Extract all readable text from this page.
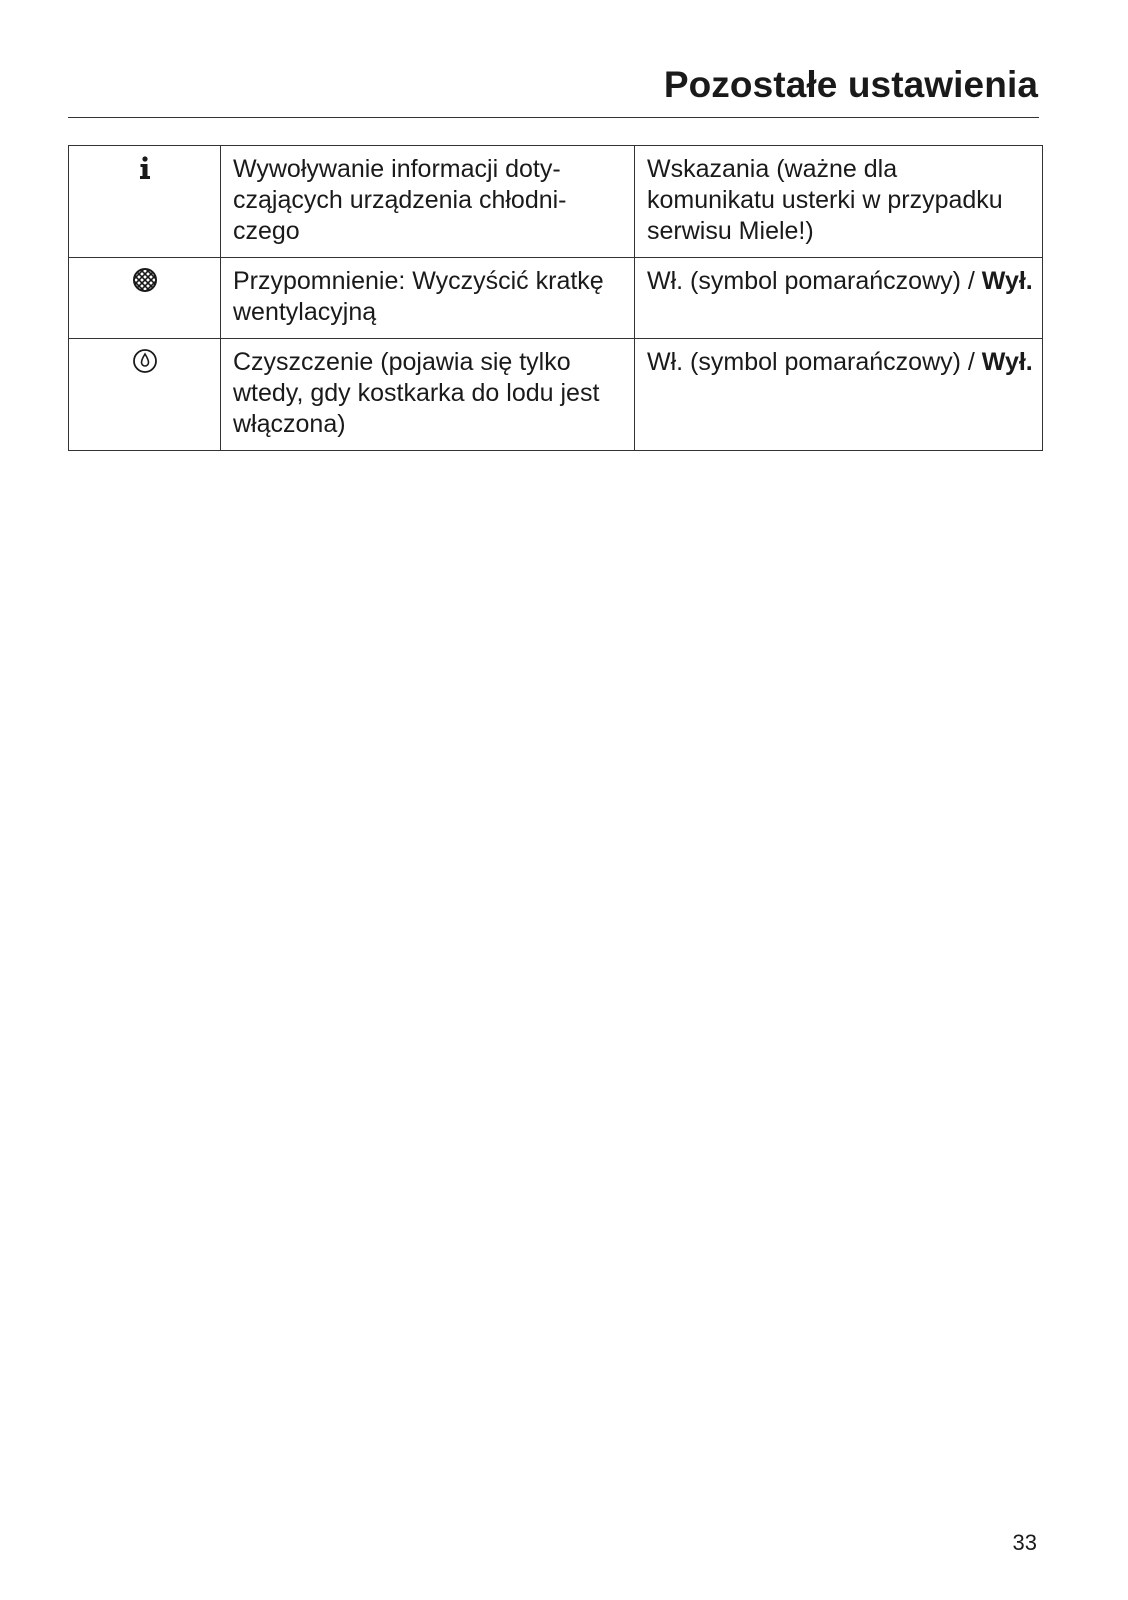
Pozostałe ustawienia
	Wywoływanie informacji doty-
cząjących urządzenia chłodni-
czego	Wskazania (ważne dla komunikatu usterki w przypadku serwisu Miele!)

	Przypomnienie: Wyczyścić kratkę wentylacyjną	Wł. (symbol pomarańczowy) / Wył.

	Czyszczenie (pojawia się tylko wtedy, gdy kostkarka do lodu jest włączona)	Wł. (symbol pomarańczowy) / Wył.
33
